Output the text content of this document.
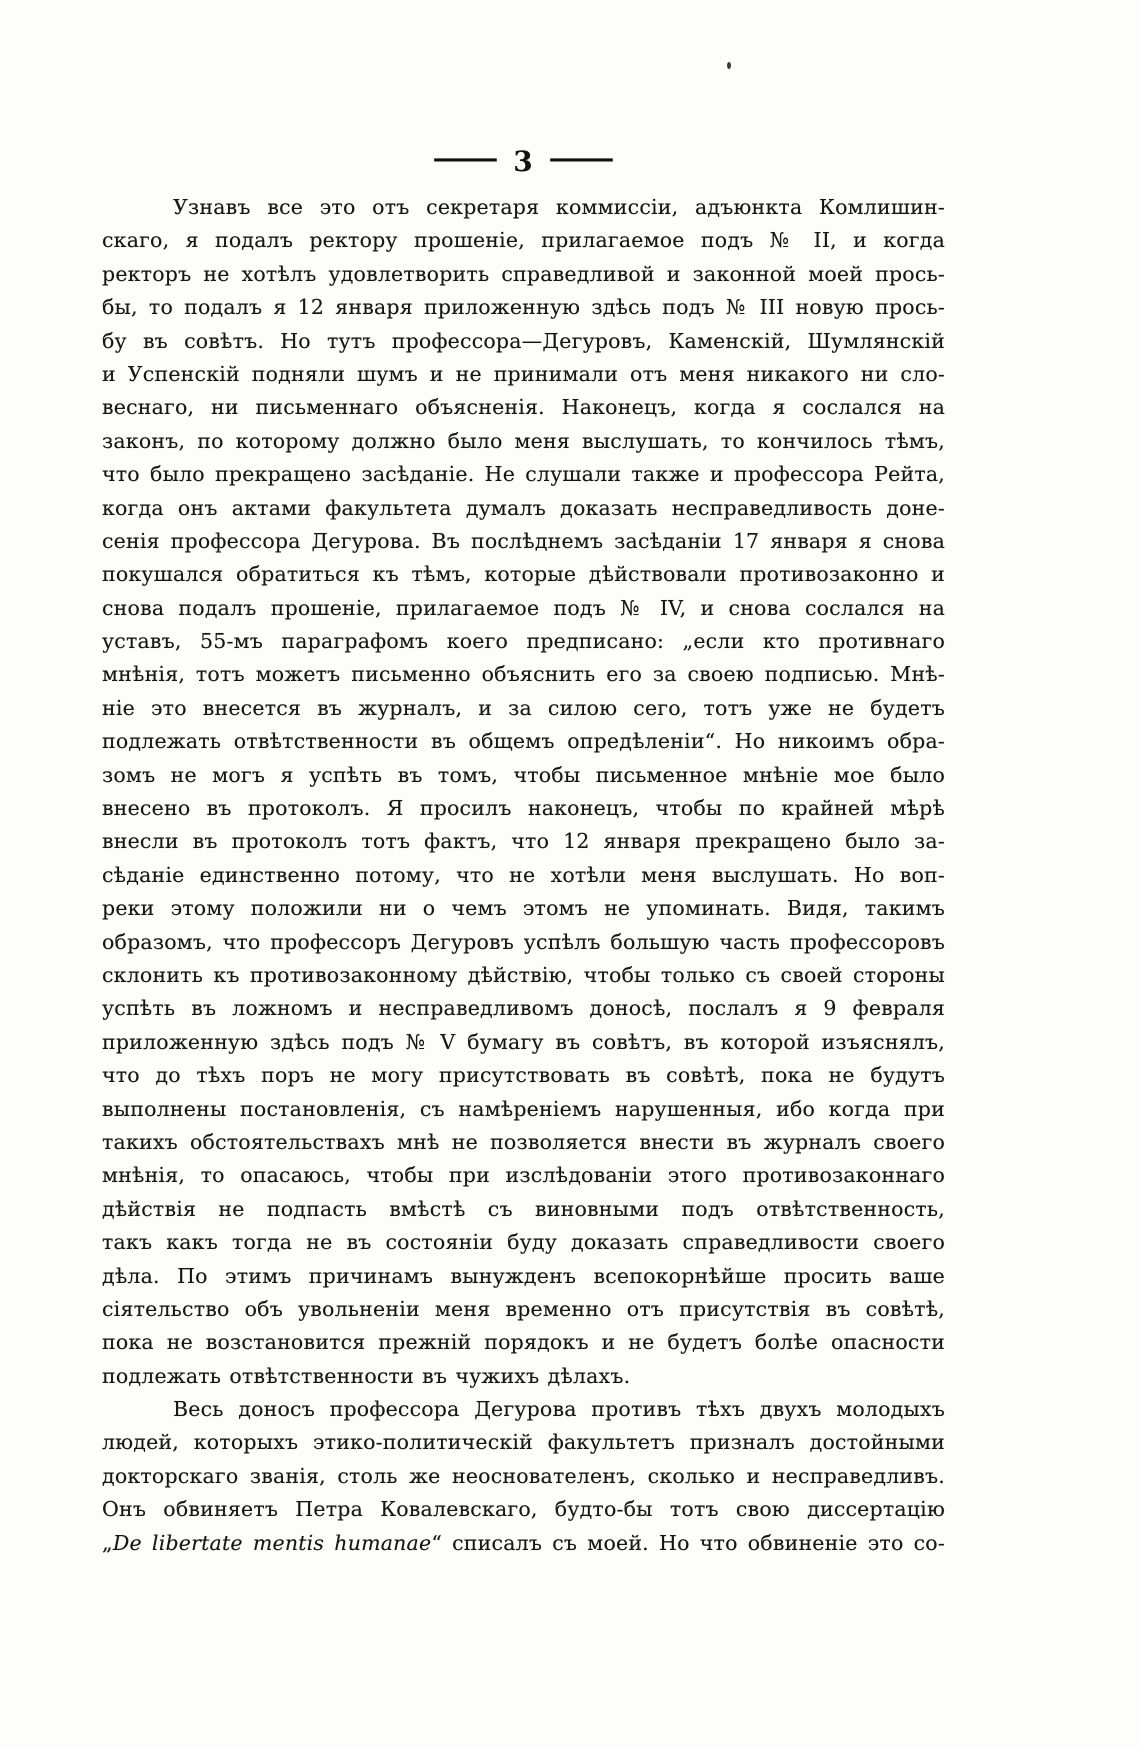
— 3 —
Узнавъ все это отъ секретаря коммиссіи, адъюнкта Комлишин-
скаго, я подалъ ректору прошеніе, прилагаемое подъ № II, и когда
ректоръ не хотѣлъ удовлетворить справедливой и законной моей прось-
бы, то подалъ я 12 января приложенную здѣсь подъ № III новую прось-
бу въ совѣтъ. Но тутъ профессора—Дегуровъ, Каменскій, Шумлянскій
и Успенскій подняли шумъ и не принимали отъ меня никакого ни сло-
веснаго, ни письменнаго объясненія. Наконецъ, когда я сослался на
законъ, по которому должно было меня выслушать, то кончилось тѣмъ,
что было прекращено засѣданіе. Не слушали также и профессора Рейта,
когда онъ актами факультета думалъ доказать несправедливость доне-
сенія профессора Дегурова. Въ послѣднемъ засѣданіи 17 января я снова
покушался обратиться къ тѣмъ, которые дѣйствовали противозаконно и
снова подалъ прошеніе, прилагаемое подъ № IV, и снова сослался на
уставъ, 55-мъ параграфомъ коего предписано: „если кто противнаго
мнѣнія, тотъ можетъ письменно объяснить его за своею подписью. Мнѣ-
ніе это внесется въ журналъ, и за силою сего, тотъ уже не будетъ
подлежать отвѣтственности въ общемъ опредѣленіи“. Но никоимъ обра-
зомъ не могъ я успѣть въ томъ, чтобы письменное мнѣніе мое было
внесено въ протоколъ. Я просилъ наконецъ, чтобы по крайней мѣрѣ
внесли въ протоколъ тотъ фактъ, что 12 января прекращено было за-
сѣданіе единственно потому, что не хотѣли меня выслушать. Но воп-
реки этому положили ни о чемъ этомъ не упоминать. Видя, такимъ
образомъ, что профессоръ Дегуровъ успѣлъ большую часть профессоровъ
склонить къ противозаконному дѣйствію, чтобы только съ своей стороны
успѣть въ ложномъ и несправедливомъ доносѣ, послалъ я 9 февраля
приложенную здѣсь подъ № V бумагу въ совѣтъ, въ которой изъяснялъ,
что до тѣхъ поръ не могу присутствовать въ совѣтѣ, пока не будутъ
выполнены постановленія, съ намѣреніемъ нарушенныя, ибо когда при
такихъ обстоятельствахъ мнѣ не позволяется внести въ журналъ своего
мнѣнія, то опасаюсь, чтобы при изслѣдованіи этого противозаконнаго
дѣйствія не подпасть вмѣстѣ съ виновными подъ отвѣтственность,
такъ какъ тогда не въ состояніи буду доказать справедливости своего
дѣла. По этимъ причинамъ вынужденъ всепокорнѣйше просить ваше
сіятельство объ увольненіи меня временно отъ присутствія въ совѣтѣ,
пока не возстановится прежній порядокъ и не будетъ болѣе опасности
подлежать отвѣтственности въ чужихъ дѣлахъ.
Весь доносъ профессора Дегурова противъ тѣхъ двухъ молодыхъ
людей, которыхъ этико-политическій факультетъ призналъ достойными
докторскаго званія, столь же неоснователенъ, сколько и несправедливъ.
Онъ обвиняетъ Петра Ковалевскаго, будто-бы тотъ свою диссертацію
„De libertate mentis humanae“ списалъ съ моей. Но что обвиненіе это со-
